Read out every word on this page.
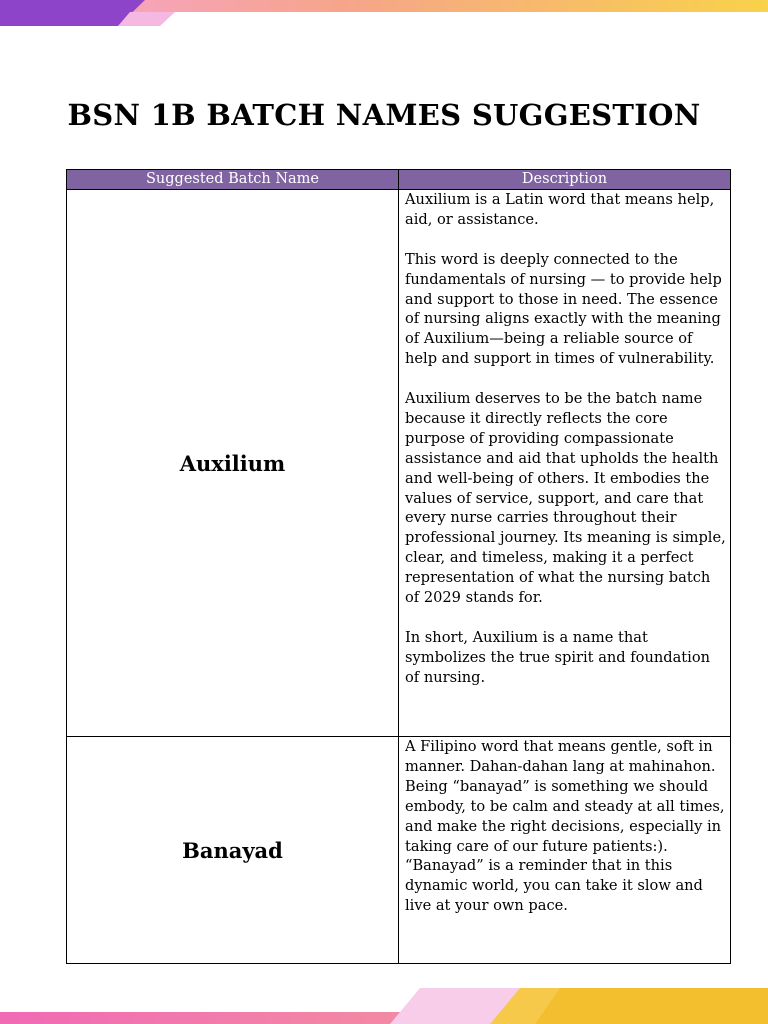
BSN 1B BATCH NAMES SUGGESTION
Suggested Batch Name	Description
Auxilium	Auxilium is a Latin word that means help, aid, or assistance.

This word is deeply connected to the fundamentals of nursing — to provide help and support to those in need. The essence of nursing aligns exactly with the meaning of Auxilium—being a reliable source of help and support in times of vulnerability.

Auxilium deserves to be the batch name because it directly reflects the core purpose of providing compassionate assistance and aid that upholds the health and well-being of others. It embodies the values of service, support, and care that every nurse carries throughout their professional journey. Its meaning is simple, clear, and timeless, making it a perfect representation of what the nursing batch of 2029 stands for.

In short, Auxilium is a name that symbolizes the true spirit and foundation of nursing.

Banayad	A Filipino word that means gentle, soft in manner. Dahan-dahan lang at mahinahon. Being “banayad” is something we should embody, to be calm and steady at all times, and make the right decisions, especially in taking care of our future patients:). “Banayad” is a reminder that in this dynamic world, you can take it slow and live at your own pace.
